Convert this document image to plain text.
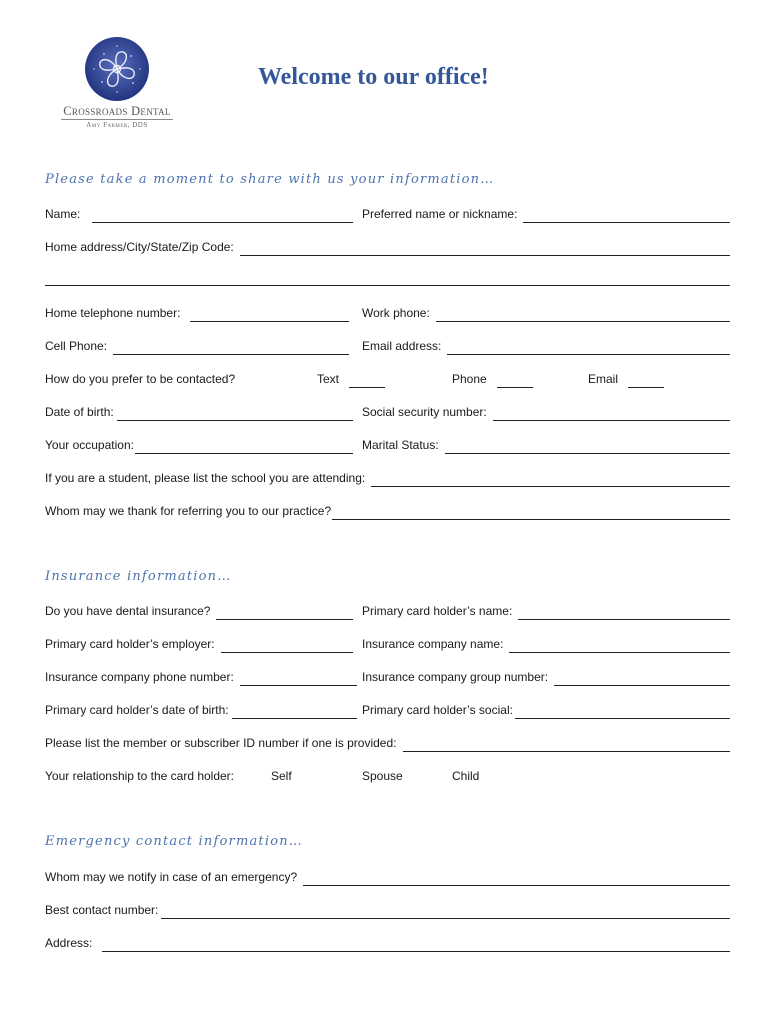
Crossroads Dental
Amy Farmer, DDS
Welcome to our office!
Please take a moment to share with us your information…
Name:	Preferred name or nickname:
Home address/City/State/Zip Code:
Home telephone number:	Work phone:
Cell Phone:	Email address:
How do you prefer to be contacted?	Text	Phone	Email
Date of birth:	Social security number:
Your occupation:	Marital Status:
If you are a student, please list the school you are attending:
Whom may we thank for referring you to our practice?
Insurance information…
Do you have dental insurance?	Primary card holder’s name:
Primary card holder’s employer:	Insurance company name:
Insurance company phone number:	Insurance company group number:
Primary card holder’s date of birth:	Primary card holder’s social:
Please list the member or subscriber ID number if one is provided:
Your relationship to the card holder:	Self	Spouse	Child
Emergency contact information…
Whom may we notify in case of an emergency?
Best contact number:
Address:
